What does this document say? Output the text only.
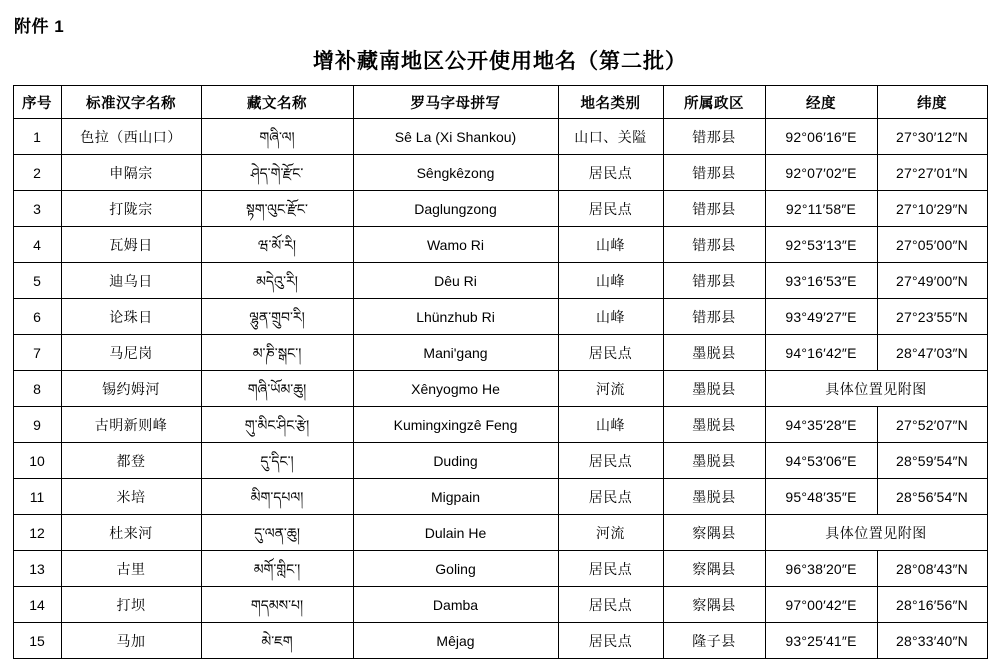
附件 1
增补藏南地区公开使用地名（第二批）
序号	标准汉字名称	藏文名称	罗马字母拼写	地名类别	所属政区	经度	纬度
1	色拉（西山口）	གཞི་ལ།	Sê La (Xi Shankou)	山口、关隘	错那县	92°06′16″E	27°30′12″N
2	申隔宗	ཤེད་གེ་རྫོང་	Sêngkêzong	居民点	错那县	92°07′02″E	27°27′01″N
3	打陇宗	སྟག་ལུང་རྫོང་	Daglungzong	居民点	错那县	92°11′58″E	27°10′29″N
4	瓦姆日	ཝ་མོ་རི།	Wamo Ri	山峰	错那县	92°53′13″E	27°05′00″N
5	迪乌日	མདེའུ་རི།	Dêu Ri	山峰	错那县	93°16′53″E	27°49′00″N
6	论珠日	ལྷུན་གྲུབ་རི།	Lhünzhub Ri	山峰	错那县	93°49′27″E	27°23′55″N
7	马尼岗	མ་ཎི་སྒང་།	Mani'gang	居民点	墨脱县	94°16′42″E	28°47′03″N
8	锡约姆河	གཞི་ཡོམ་ཆུ།	Xênyogmo He	河流	墨脱县	具体位置见附图	
9	古明新则峰	གུ་མིང་ཤིང་རྩེ།	Kumingxingzê Feng	山峰	墨脱县	94°35′28″E	27°52′07″N
10	都登	དུ་དིང་།	Duding	居民点	墨脱县	94°53′06″E	28°59′54″N
11	米培	མིག་དཔལ།	Migpain	居民点	墨脱县	95°48′35″E	28°56′54″N
12	杜来河	དུ་ལན་ཆུ།	Dulain He	河流	察隅县	具体位置见附图	
13	古里	མགོ་གླིང་།	Goling	居民点	察隅县	96°38′20″E	28°08′43″N
14	打坝	གདམས་པ།	Damba	居民点	察隅县	97°00′42″E	28°16′56″N
15	马加	མེ་ཇག	Mêjag	居民点	隆子县	93°25′41″E	28°33′40″N
